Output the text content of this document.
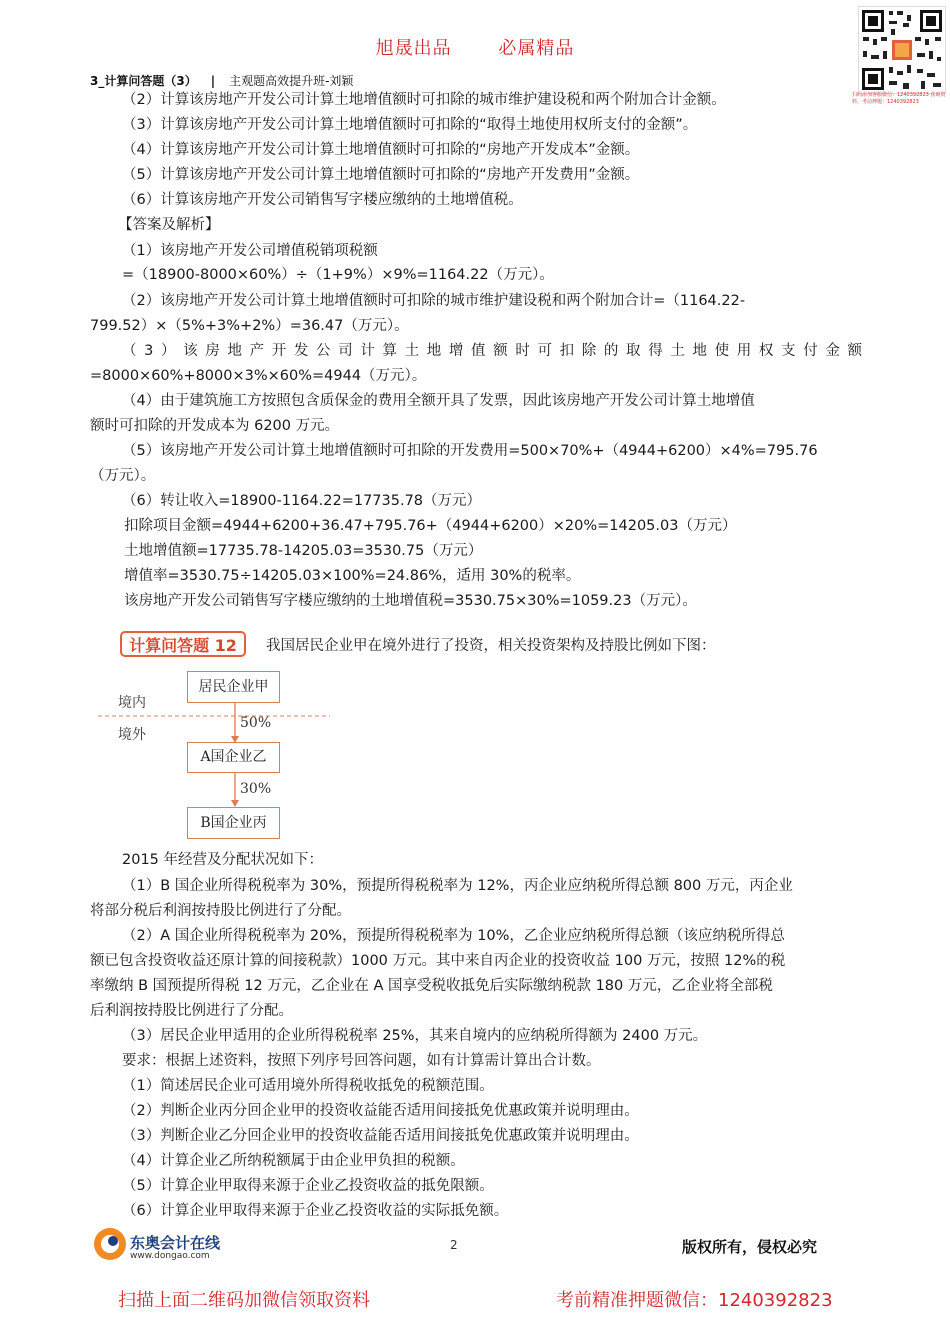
旭晟出品	必属精品
扫码添加客服微信：1240392823 获取资料，考前押题：1240392823
3_计算问答题（3） | 主观题高效提升班-刘颖
（2）计算该房地产开发公司计算土地增值额时可扣除的城市维护建设税和两个附加合计金额。
（3）计算该房地产开发公司计算土地增值额时可扣除的“取得土地使用权所支付的金额”。
（4）计算该房地产开发公司计算土地增值额时可扣除的“房地产开发成本”金额。
（5）计算该房地产开发公司计算土地增值额时可扣除的“房地产开发费用”金额。
（6）计算该房地产开发公司销售写字楼应缴纳的土地增值税。
【答案及解析】
（1）该房地产开发公司增值税销项税额
=（18900-8000×60%）÷（1+9%）×9%=1164.22（万元）。
（2）该房地产开发公司计算土地增值额时可扣除的城市维护建设税和两个附加合计=（1164.22-
799.52）×（5%+3%+2%）=36.47（万元）。
（3）该房地产开发公司计算土地增值额时可扣除的取得土地使用权支付金额
=8000×60%+8000×3%×60%=4944（万元）。
（4）由于建筑施工方按照包含质保金的费用全额开具了发票，因此该房地产开发公司计算土地增值
额时可扣除的开发成本为 6200 万元。
（5）该房地产开发公司计算土地增值额时可扣除的开发费用=500×70%+（4944+6200）×4%=795.76
（万元）。
（6）转让收入=18900-1164.22=17735.78（万元）
扣除项目金额=4944+6200+36.47+795.76+（4944+6200）×20%=14205.03（万元）
土地增值额=17735.78-14205.03=3530.75（万元）
增值率=3530.75÷14205.03×100%=24.86%，适用 30%的税率。
该房地产开发公司销售写字楼应缴纳的土地增值税=3530.75×30%=1059.23（万元）。
计算问答题 12	我国居民企业甲在境外进行了投资，相关投资架构及持股比例如下图：
居民企业甲
A国企业乙
B国企业丙
境内
境外
50%
30%
2015 年经营及分配状况如下：
（1）B 国企业所得税税率为 30%，预提所得税税率为 12%，丙企业应纳税所得总额 800 万元，丙企业
将部分税后利润按持股比例进行了分配。
（2）A 国企业所得税税率为 20%，预提所得税税率为 10%，乙企业应纳税所得总额（该应纳税所得总
额已包含投资收益还原计算的间接税款）1000 万元。其中来自丙企业的投资收益 100 万元，按照 12%的税
率缴纳 B 国预提所得税 12 万元，乙企业在 A 国享受税收抵免后实际缴纳税款 180 万元，乙企业将全部税
后利润按持股比例进行了分配。
（3）居民企业甲适用的企业所得税税率 25%，其来自境内的应纳税所得额为 2400 万元。
要求：根据上述资料，按照下列序号回答问题，如有计算需计算出合计数。
（1）简述居民企业可适用境外所得税收抵免的税额范围。
（2）判断企业丙分回企业甲的投资收益能否适用间接抵免优惠政策并说明理由。
（3）判断企业乙分回企业甲的投资收益能否适用间接抵免优惠政策并说明理由。
（4）计算企业乙所纳税额属于由企业甲负担的税额。
（5）计算企业甲取得来源于企业乙投资收益的抵免限额。
（6）计算企业甲取得来源于企业乙投资收益的实际抵免额。
东奥会计在线
www.dongao.com
2	版权所有，侵权必究
扫描上面二维码加微信领取资料	考前精准押题微信：1240392823
